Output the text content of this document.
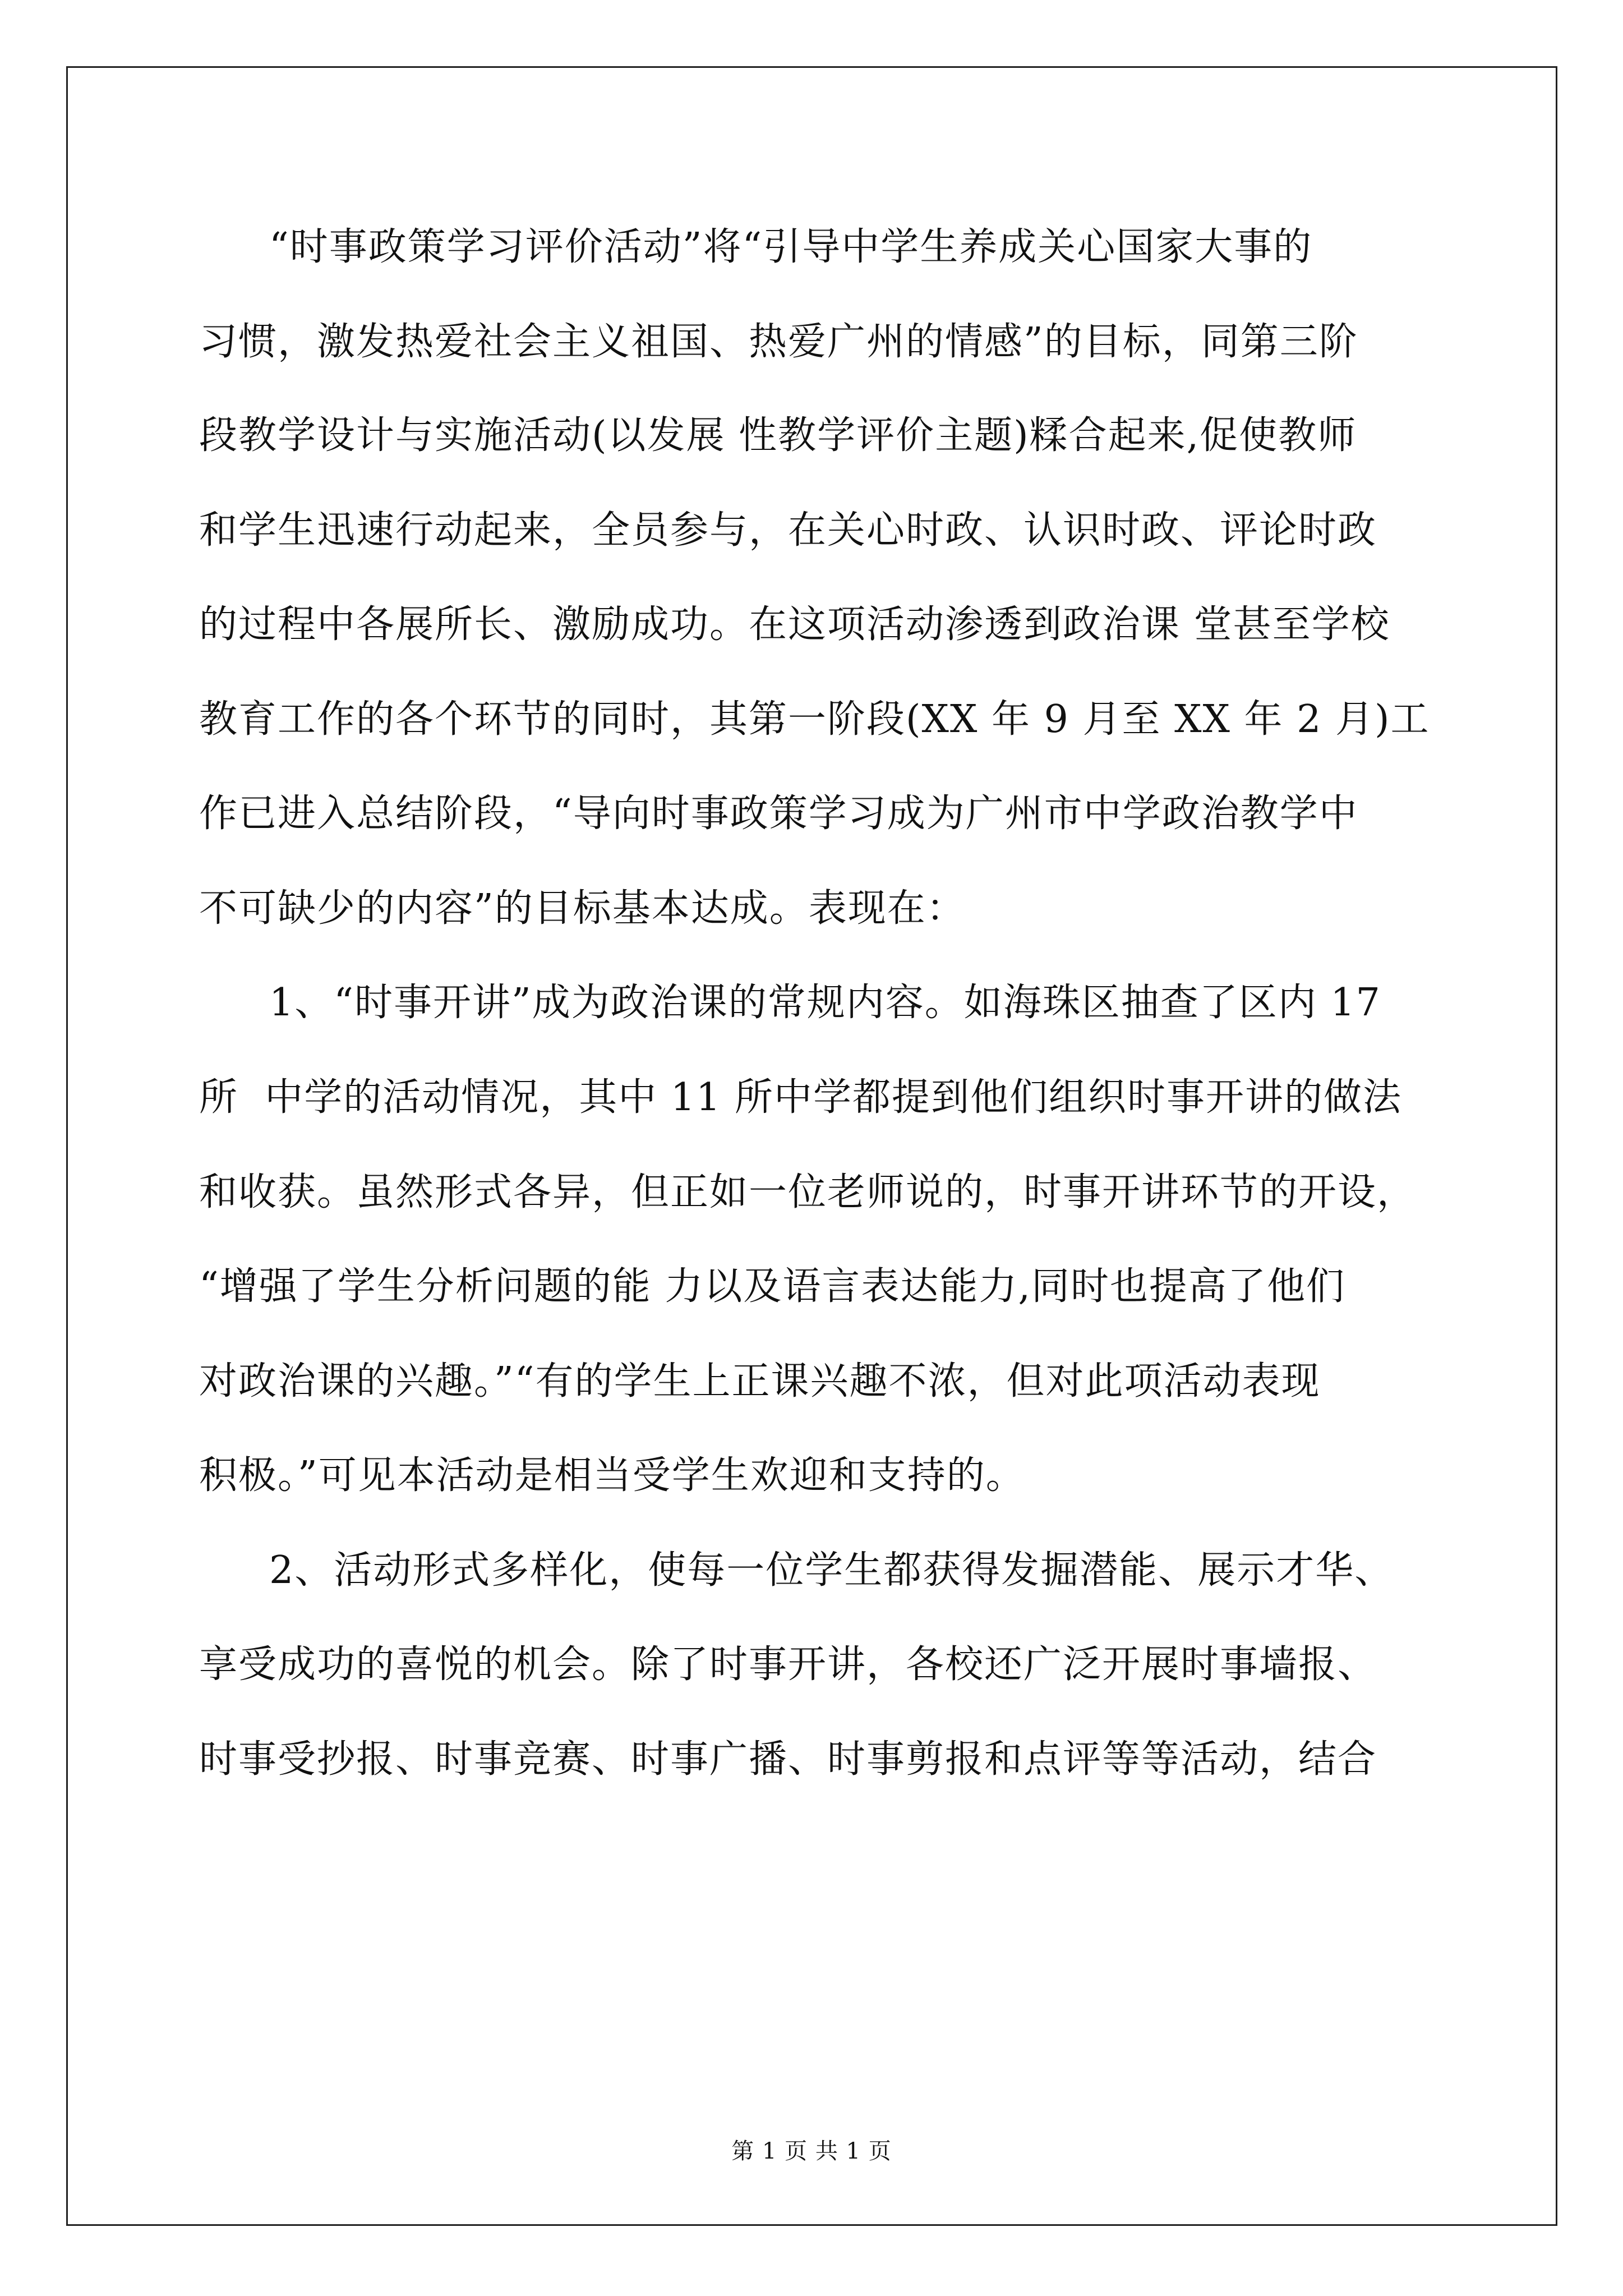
“时事政策学习评价活动”将“引导中学生养成关心国家大事的
习惯，激发热爱社会主义祖国、热爱广州的情感”的目标，同第三阶
段教学设计与实施活动(以发展 性教学评价主题)糅合起来,促使教师
和学生迅速行动起来，全员参与，在关心时政、认识时政、评论时政
的过程中各展所长、激励成功。在这项活动渗透到政治课 堂甚至学校
教育工作的各个环节的同时，其第一阶段(XX 年 9 月至 XX 年 2 月)工
作已进入总结阶段，“导向时事政策学习成为广州市中学政治教学中
不可缺少的内容”的目标基本达成。表现在：
1、“时事开讲”成为政治课的常规内容。如海珠区抽查了区内 17
所  中学的活动情况，其中 11 所中学都提到他们组织时事开讲的做法
和收获。虽然形式各异，但正如一位老师说的，时事开讲环节的开设，
“增强了学生分析问题的能 力以及语言表达能力,同时也提高了他们
对政治课的兴趣。”“有的学生上正课兴趣不浓，但对此项活动表现
积极。”可见本活动是相当受学生欢迎和支持的。
2、活动形式多样化，使每一位学生都获得发掘潜能、展示才华、
享受成功的喜悦的机会。除了时事开讲，各校还广泛开展时事墙报、
时事受抄报、时事竞赛、时事广播、时事剪报和点评等等活动，结合
第 1 页 共 1 页
